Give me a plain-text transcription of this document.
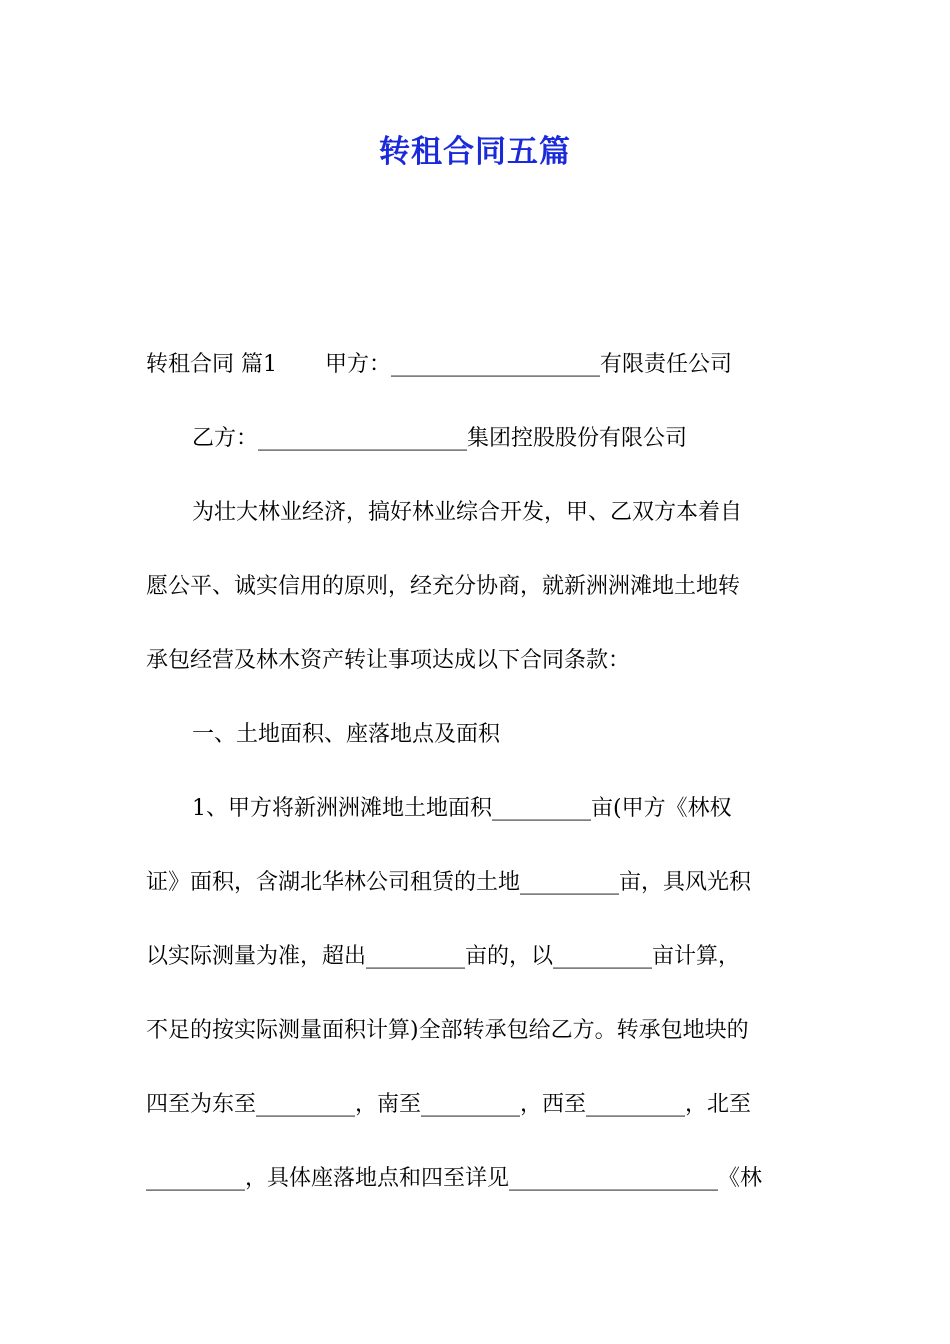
转租合同五篇
转租合同 篇1 甲方：___________________有限责任公司
乙方：___________________集团控股股份有限公司
为壮大林业经济，搞好林业综合开发，甲、乙双方本着自
愿公平、诚实信用的原则，经充分协商，就新洲洲滩地土地转
承包经营及林木资产转让事项达成以下合同条款：
一、土地面积、座落地点及面积
1、甲方将新洲洲滩地土地面积_________亩(甲方《林权
证》面积，含湖北华林公司租赁的土地_________亩，具风光积
以实际测量为准，超出_________亩的，以_________亩计算，
不足的按实际测量面积计算)全部转承包给乙方。转承包地块的
四至为东至_________，南至_________，西至_________，北至
_________，具体座落地点和四至详见___________________《林
